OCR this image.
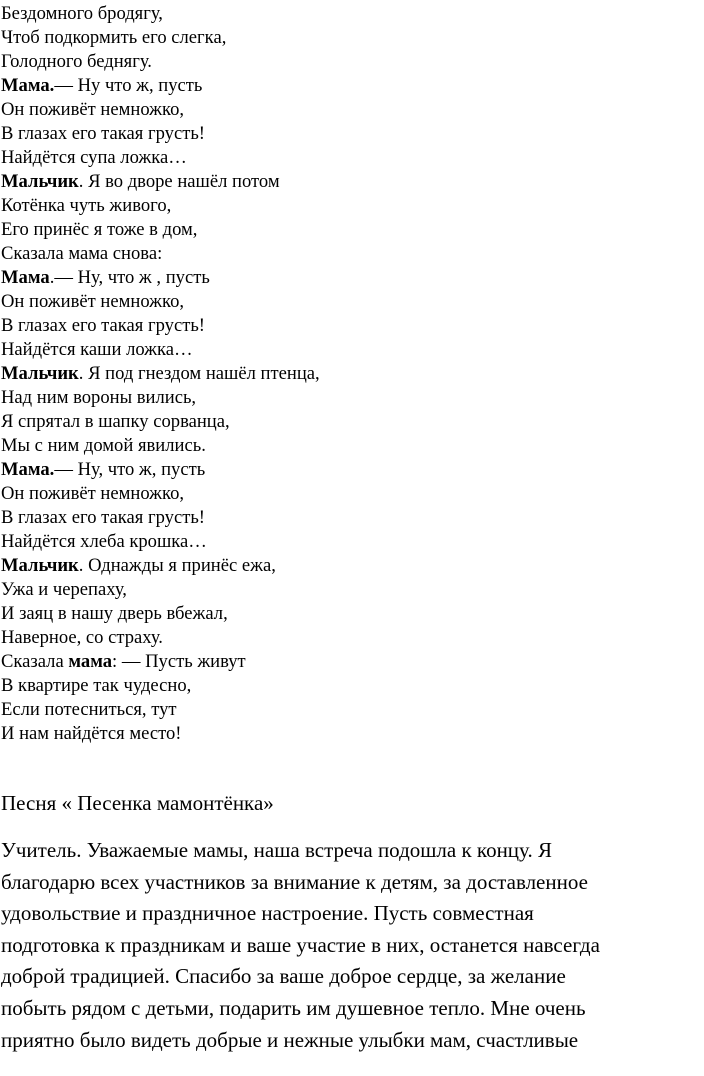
Бездомного бродягу,
Чтоб подкормить его слегка,
Голодного беднягу.
Мама.— Ну что ж, пусть
Он поживёт немножко,
В глазах его такая грусть!
Найдётся супа ложка…
Мальчик. Я во дворе нашёл потом
Котёнка чуть живого,
Его принёс я тоже в дом,
Сказала мама снова:
Мама.— Ну, что ж , пусть
Он поживёт немножко,
В глазах его такая грусть!
Найдётся каши ложка…
Мальчик. Я под гнездом нашёл птенца,
Над ним вороны вились,
Я спрятал в шапку сорванца,
Мы с ним домой явились.
Мама.— Ну, что ж, пусть
Он поживёт немножко,
В глазах его такая грусть!
Найдётся хлеба крошка…
Мальчик. Однажды я принёс ежа,
Ужа и черепаху,
И заяц в нашу дверь вбежал,
Наверное, со страху.
Сказала мама: — Пусть живут
В квартире так чудесно,
Если потесниться, тут
И нам найдётся место!
Песня « Песенка мамонтёнка»
Учитель. Уважаемые мамы, наша встреча подошла к концу. Я
благодарю всех участников за внимание к детям, за доставленное
удовольствие и праздничное настроение. Пусть совместная
подготовка к праздникам и ваше участие в них, останется навсегда
доброй традицией. Спасибо за ваше доброе сердце, за желание
побыть рядом с детьми, подарить им душевное тепло. Мне очень
приятно было видеть добрые и нежные улыбки мам, счастливые
